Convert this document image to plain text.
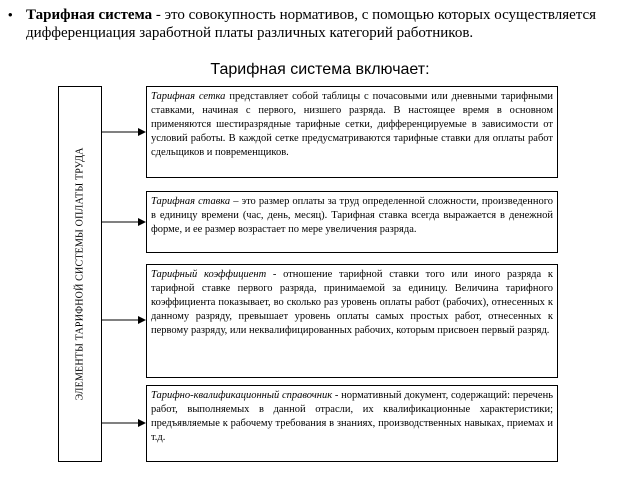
• Тарифная система - это совокупность нормативов, с помощью которых осуществляется дифференциация заработной платы различных категорий работников.
Тарифная система включает:
ЭЛЕМЕНТЫ ТАРИФНОЙ СИСТЕМЫ ОПЛАТЫ ТРУДА
Тарифная сетка представляет собой таблицы с почасовыми или дневными тарифными ставками, начиная с первого, низшего разряда. В настоящее время в основном применяются шестиразрядные тарифные сетки, дифференцируемые в зависимости от условий работы. В каждой сетке предусматриваются тарифные ставки для оплаты работ сдельщиков и повременщиков.
Тарифная ставка – это размер оплаты за труд определенной сложности, произведенного в единицу времени (час, день, месяц). Тарифная ставка всегда выражается в денежной форме, и ее размер возрастает по мере увеличения разряда.
Тарифный коэффициент - отношение тарифной ставки того или иного разряда к тарифной ставке первого разряда, принимаемой за единицу. Величина тарифного коэффициента показывает, во сколько раз уровень оплаты работ (рабочих), отнесенных к данному разряду, превышает уровень оплаты самых простых работ, отнесенных к первому разряду, или неквалифицированных рабочих, которым присвоен первый разряд.
Тарифно-квалификационный справочник - нормативный документ, содержащий: перечень работ, выполняемых в данной отрасли, их квалификационные характеристики; предъявляемые к рабочему требования в знаниях, производственных навыках, приемах и т.д.
